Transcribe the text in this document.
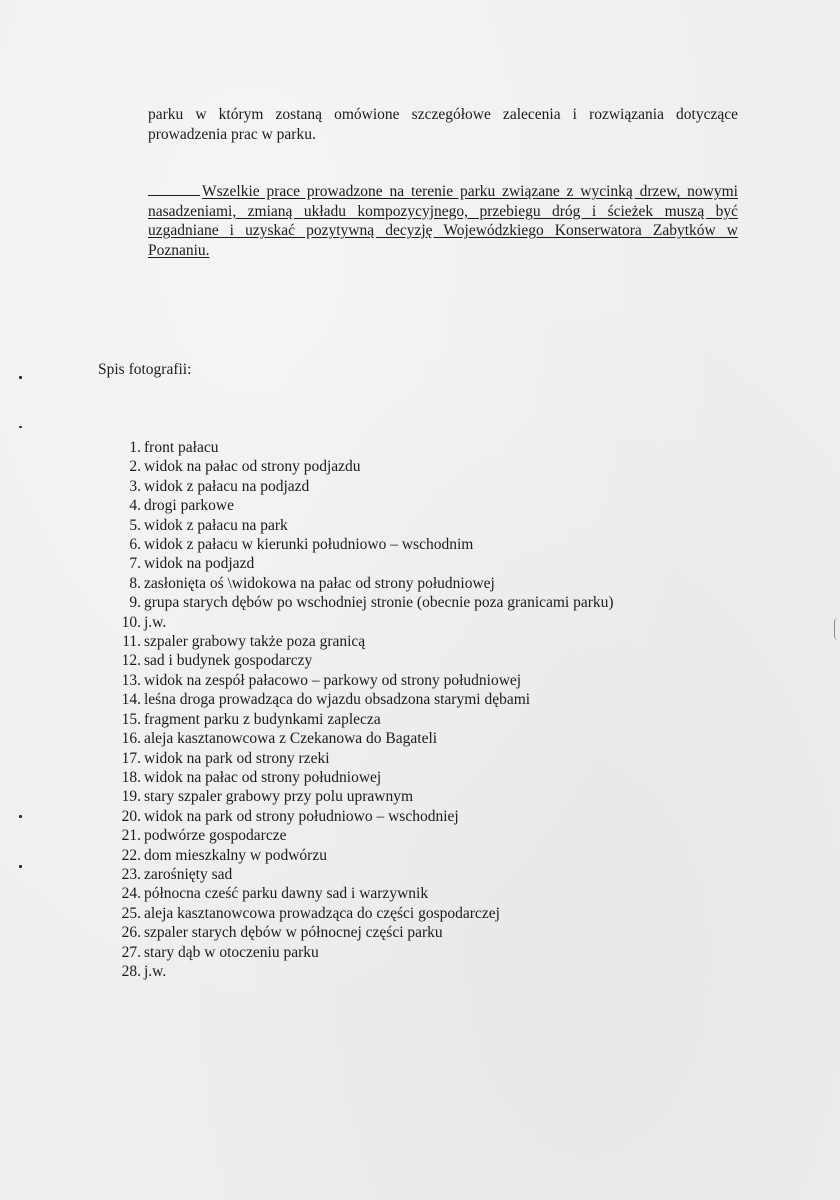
parku w którym zostaną omówione szczegółowe zalecenia i rozwiązania dotyczące prowadzenia prac w parku.

Wszelkie prace prowadzone na terenie parku związane z wycinką drzew, nowymi nasadzeniami, zmianą układu kompozycyjnego, przebiegu dróg i ścieżek muszą być uzgadniane i uzyskać pozytywną decyzję Wojewódzkiego Konserwatora Zabytków w Poznaniu.

Spis fotografii:
1. front pałacu
2. widok na pałac od strony podjazdu
3. widok z pałacu na podjazd
4. drogi parkowe
5. widok z pałacu na park
6. widok z pałacu w kierunki południowo – wschodnim
7. widok na podjazd
8. zasłonięta oś \widokowa na pałac od strony południowej
9. grupa starych dębów po wschodniej stronie (obecnie poza granicami parku)
10. j.w.
11. szpaler grabowy także poza granicą
12. sad i budynek gospodarczy
13. widok na zespół pałacowo – parkowy od strony południowej
14. leśna droga prowadząca do wjazdu obsadzona starymi dębami
15. fragment parku z budynkami zaplecza
16. aleja kasztanowcowa z Czekanowa do Bagateli
17. widok na park od strony rzeki
18. widok na pałac od strony południowej
19. stary szpaler grabowy przy polu uprawnym
20. widok na park od strony południowo – wschodniej
21. podwórze gospodarcze
22. dom mieszkalny w podwórzu
23. zarośnięty sad
24. północna cześć parku dawny sad i warzywnik
25. aleja kasztanowcowa prowadząca do części gospodarczej
26. szpaler starych dębów w północnej części parku
27. stary dąb w otoczeniu parku
28. j.w.
